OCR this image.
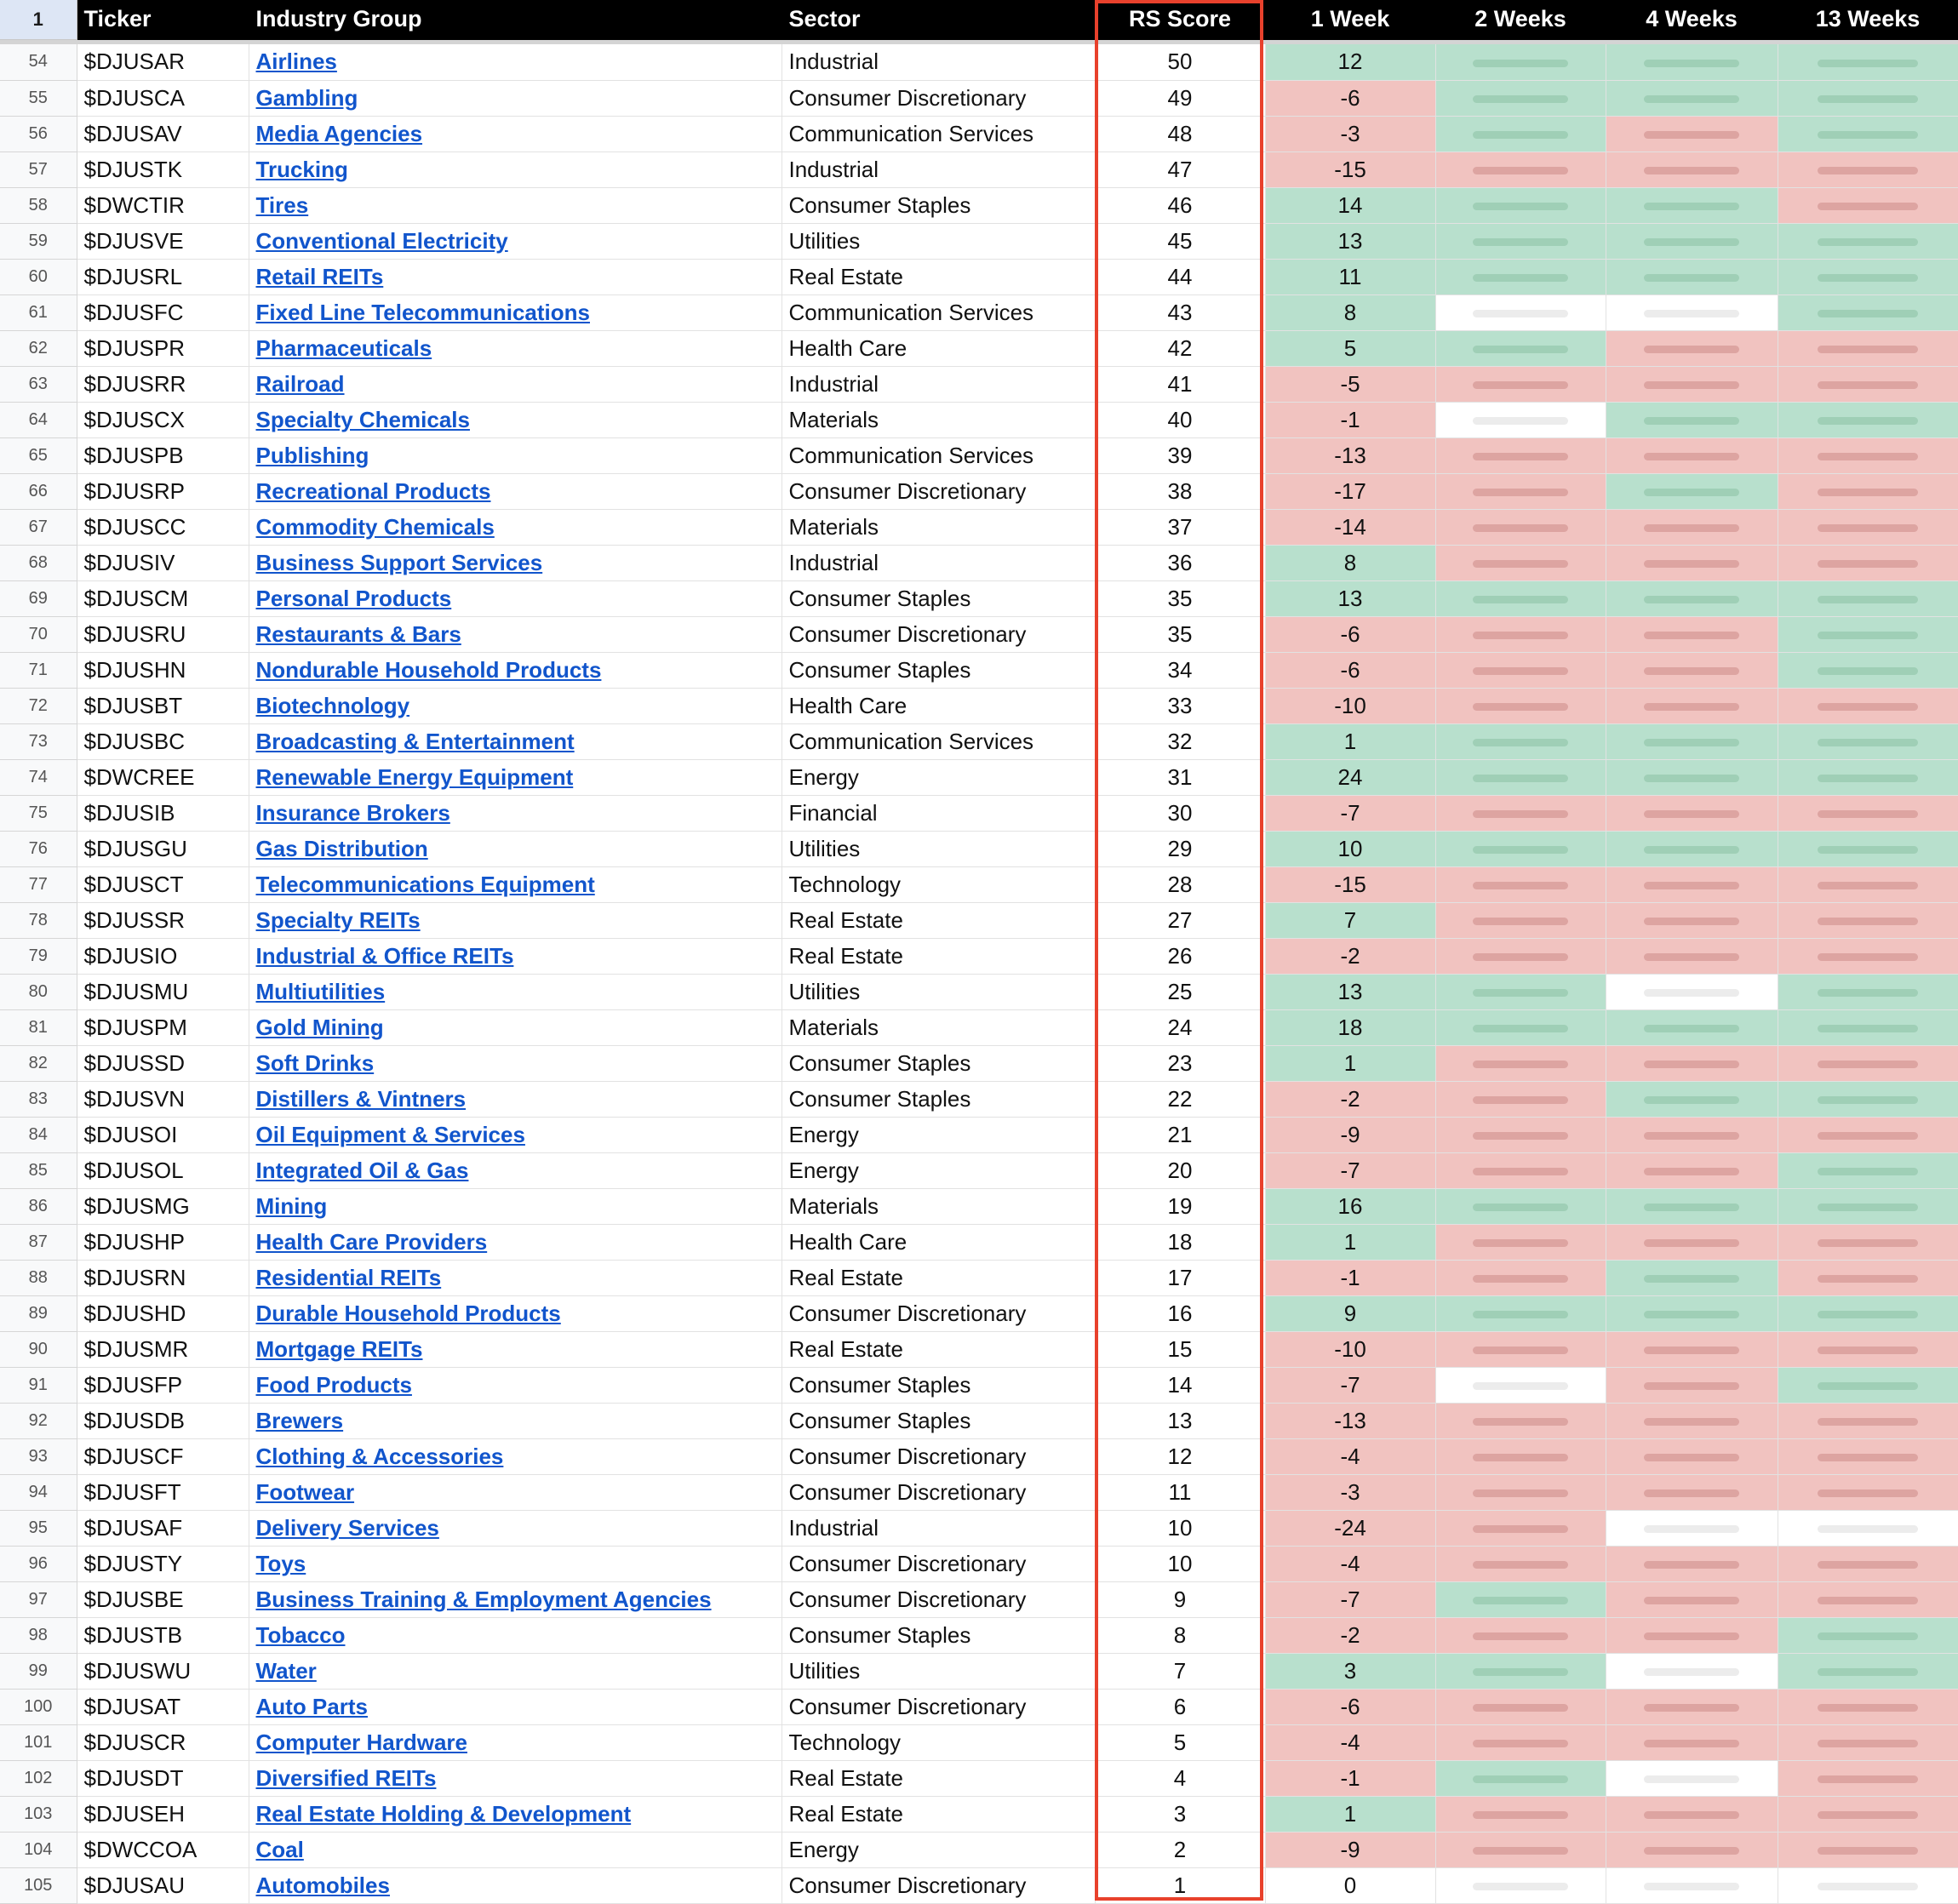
1	Ticker	Industry Group	Sector	RS Score	1 Week	2 Weeks	4 Weeks	13 Weeks

54	$DJUSAR	Airlines	Industrial	50	12			
55	$DJUSCA	Gambling	Consumer Discretionary	49	-6			
56	$DJUSAV	Media Agencies	Communication Services	48	-3			
57	$DJUSTK	Trucking	Industrial	47	-15			
58	$DWCTIR	Tires	Consumer Staples	46	14			
59	$DJUSVE	Conventional Electricity	Utilities	45	13			
60	$DJUSRL	Retail REITs	Real Estate	44	11			
61	$DJUSFC	Fixed Line Telecommunications	Communication Services	43	8			
62	$DJUSPR	Pharmaceuticals	Health Care	42	5			
63	$DJUSRR	Railroad	Industrial	41	-5			
64	$DJUSCX	Specialty Chemicals	Materials	40	-1			
65	$DJUSPB	Publishing	Communication Services	39	-13			
66	$DJUSRP	Recreational Products	Consumer Discretionary	38	-17			
67	$DJUSCC	Commodity Chemicals	Materials	37	-14			
68	$DJUSIV	Business Support Services	Industrial	36	8			
69	$DJUSCM	Personal Products	Consumer Staples	35	13			
70	$DJUSRU	Restaurants & Bars	Consumer Discretionary	35	-6			
71	$DJUSHN	Nondurable Household Products	Consumer Staples	34	-6			
72	$DJUSBT	Biotechnology	Health Care	33	-10			
73	$DJUSBC	Broadcasting & Entertainment	Communication Services	32	1			
74	$DWCREE	Renewable Energy Equipment	Energy	31	24			
75	$DJUSIB	Insurance Brokers	Financial	30	-7			
76	$DJUSGU	Gas Distribution	Utilities	29	10			
77	$DJUSCT	Telecommunications Equipment	Technology	28	-15			
78	$DJUSSR	Specialty REITs	Real Estate	27	7			
79	$DJUSIO	Industrial & Office REITs	Real Estate	26	-2			
80	$DJUSMU	Multiutilities	Utilities	25	13			
81	$DJUSPM	Gold Mining	Materials	24	18			
82	$DJUSSD	Soft Drinks	Consumer Staples	23	1			
83	$DJUSVN	Distillers & Vintners	Consumer Staples	22	-2			
84	$DJUSOI	Oil Equipment & Services	Energy	21	-9			
85	$DJUSOL	Integrated Oil & Gas	Energy	20	-7			
86	$DJUSMG	Mining	Materials	19	16			
87	$DJUSHP	Health Care Providers	Health Care	18	1			
88	$DJUSRN	Residential REITs	Real Estate	17	-1			
89	$DJUSHD	Durable Household Products	Consumer Discretionary	16	9			
90	$DJUSMR	Mortgage REITs	Real Estate	15	-10			
91	$DJUSFP	Food Products	Consumer Staples	14	-7			
92	$DJUSDB	Brewers	Consumer Staples	13	-13			
93	$DJUSCF	Clothing & Accessories	Consumer Discretionary	12	-4			
94	$DJUSFT	Footwear	Consumer Discretionary	11	-3			
95	$DJUSAF	Delivery Services	Industrial	10	-24			
96	$DJUSTY	Toys	Consumer Discretionary	10	-4			
97	$DJUSBE	Business Training & Employment Agencies	Consumer Discretionary	9	-7			
98	$DJUSTB	Tobacco	Consumer Staples	8	-2			
99	$DJUSWU	Water	Utilities	7	3			
100	$DJUSAT	Auto Parts	Consumer Discretionary	6	-6			
101	$DJUSCR	Computer Hardware	Technology	5	-4			
102	$DJUSDT	Diversified REITs	Real Estate	4	-1			
103	$DJUSEH	Real Estate Holding & Development	Real Estate	3	1			
104	$DWCCOA	Coal	Energy	2	-9			
105	$DJUSAU	Automobiles	Consumer Discretionary	1	0			
